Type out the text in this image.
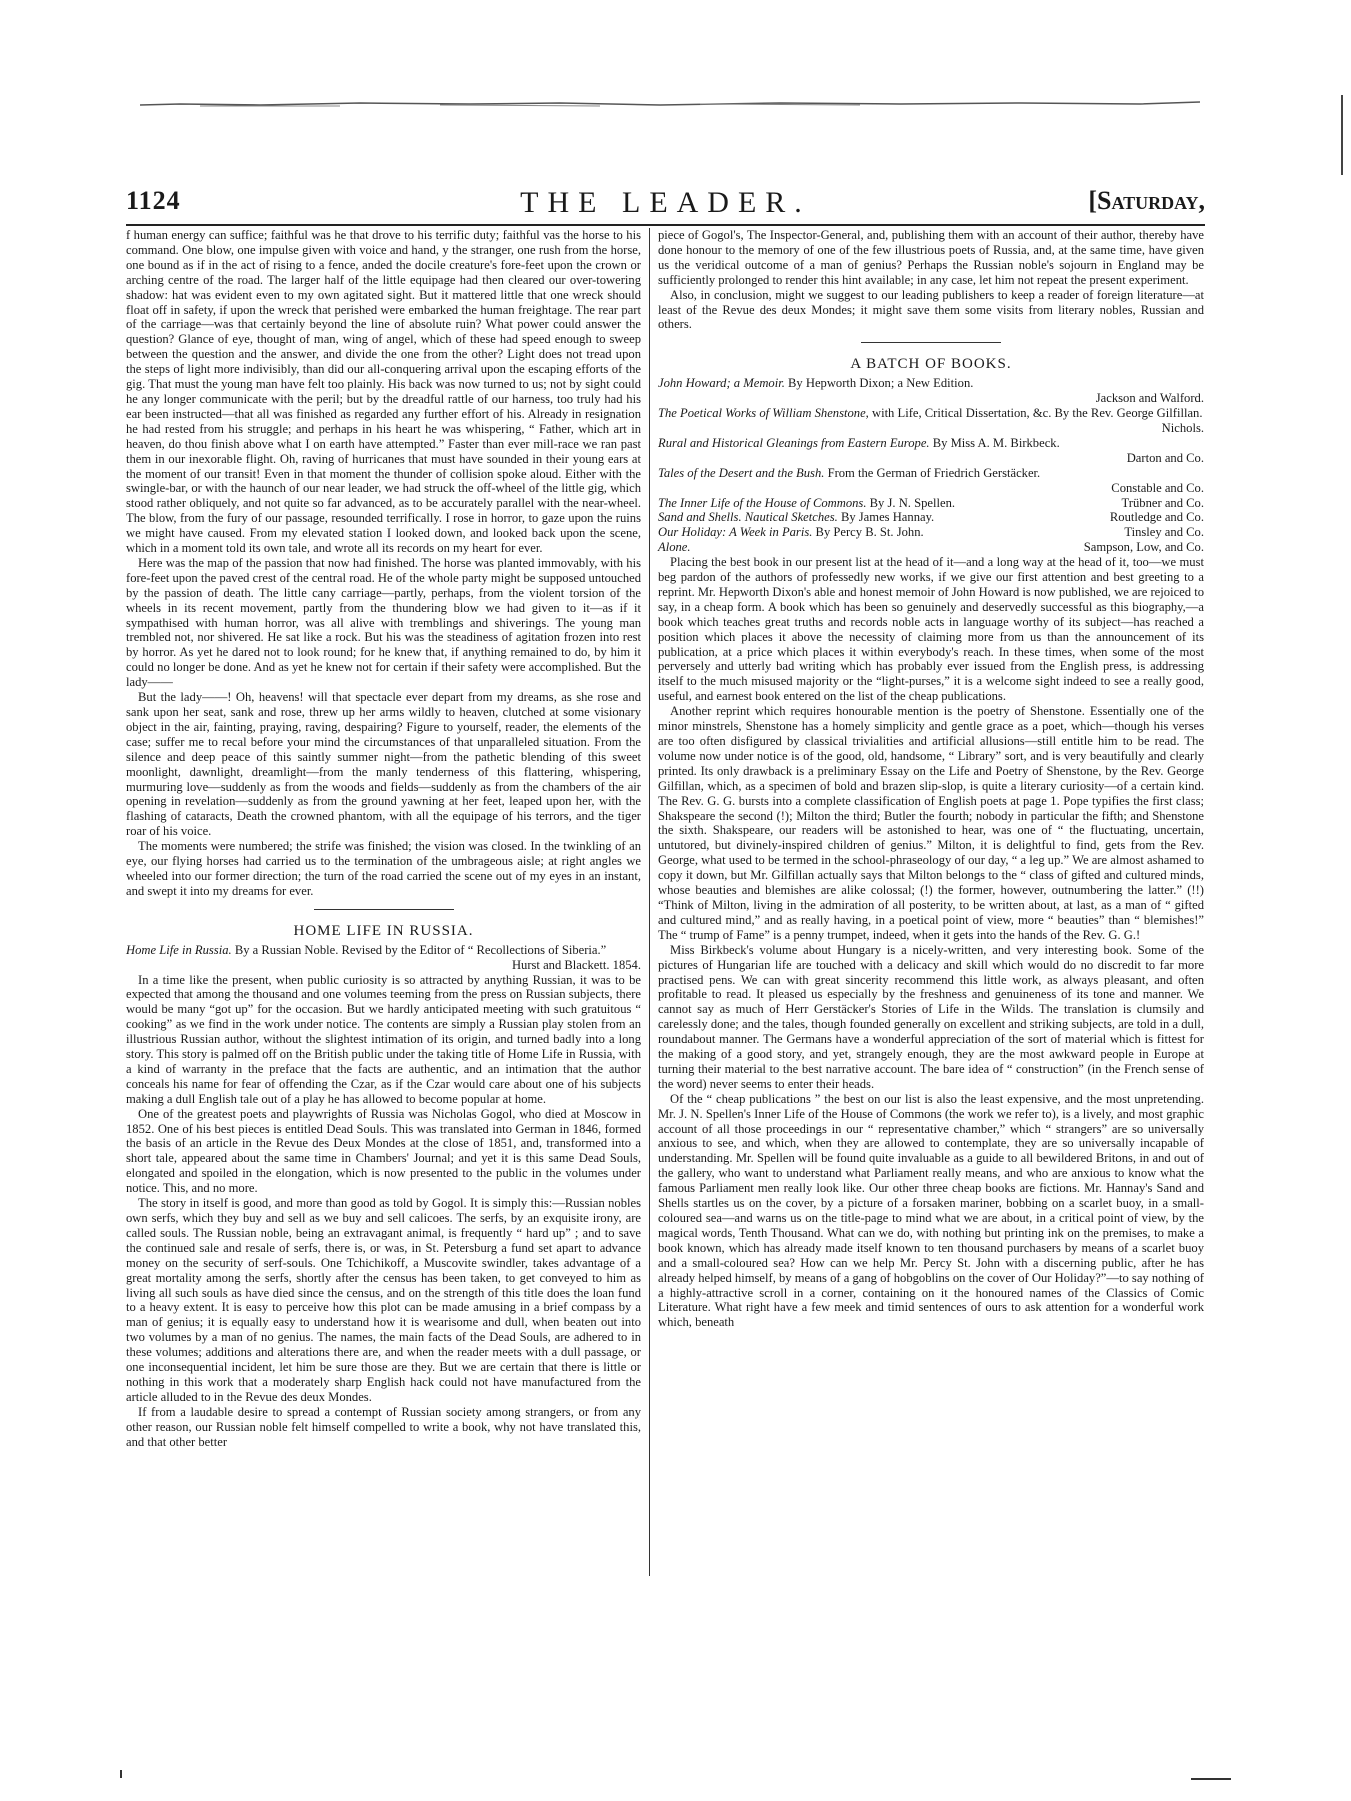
1124	THE LEADER.	[Saturday,

f human energy can suffice; faithful was he that drove to his terrific duty; faithful vas the horse to his command. One blow, one impulse given with voice and hand, y the stranger, one rush from the horse, one bound as if in the act of rising to a fence, anded the docile creature's fore-feet upon the crown or arching centre of the road. The larger half of the little equipage had then cleared our over-towering shadow: hat was evident even to my own agitated sight. But it mattered little that one wreck should float off in safety, if upon the wreck that perished were embarked the human freightage. The rear part of the carriage—was that certainly beyond the line of absolute ruin? What power could answer the question? Glance of eye, thought of man, wing of angel, which of these had speed enough to sweep between the question and the answer, and divide the one from the other? Light does not tread upon the steps of light more indivisibly, than did our all-conquering arrival upon the escaping efforts of the gig. That must the young man have felt too plainly. His back was now turned to us; not by sight could he any longer communicate with the peril; but by the dreadful rattle of our harness, too truly had his ear been instructed—that all was finished as regarded any further effort of his. Already in resignation he had rested from his struggle; and perhaps in his heart he was whispering, “ Father, which art in heaven, do thou finish above what I on earth have attempted.” Faster than ever mill-race we ran past them in our inexorable flight. Oh, raving of hurricanes that must have sounded in their young ears at the moment of our transit! Even in that moment the thunder of collision spoke aloud. Either with the swingle-bar, or with the haunch of our near leader, we had struck the off-wheel of the little gig, which stood rather obliquely, and not quite so far advanced, as to be accurately parallel with the near-wheel. The blow, from the fury of our passage, resounded terrifically. I rose in horror, to gaze upon the ruins we might have caused. From my elevated station I looked down, and looked back upon the scene, which in a moment told its own tale, and wrote all its records on my heart for ever.

Here was the map of the passion that now had finished. The horse was planted immovably, with his fore-feet upon the paved crest of the central road. He of the whole party might be supposed untouched by the passion of death. The little cany carriage—partly, perhaps, from the violent torsion of the wheels in its recent movement, partly from the thundering blow we had given to it—as if it sympathised with human horror, was all alive with tremblings and shiverings. The young man trembled not, nor shivered. He sat like a rock. But his was the steadiness of agitation frozen into rest by horror. As yet he dared not to look round; for he knew that, if anything remained to do, by him it could no longer be done. And as yet he knew not for certain if their safety were accomplished. But the lady——

But the lady——! Oh, heavens! will that spectacle ever depart from my dreams, as she rose and sank upon her seat, sank and rose, threw up her arms wildly to heaven, clutched at some visionary object in the air, fainting, praying, raving, despairing? Figure to yourself, reader, the elements of the case; suffer me to recal before your mind the circumstances of that unparalleled situation. From the silence and deep peace of this saintly summer night—from the pathetic blending of this sweet moonlight, dawnlight, dreamlight—from the manly tenderness of this flattering, whispering, murmuring love—suddenly as from the woods and fields—suddenly as from the chambers of the air opening in revelation—suddenly as from the ground yawning at her feet, leaped upon her, with the flashing of cataracts, Death the crowned phantom, with all the equipage of his terrors, and the tiger roar of his voice.

The moments were numbered; the strife was finished; the vision was closed. In the twinkling of an eye, our flying horses had carried us to the termination of the umbrageous aisle; at right angles we wheeled into our former direction; the turn of the road carried the scene out of my eyes in an instant, and swept it into my dreams for ever.

HOME LIFE IN RUSSIA.

Home Life in Russia. By a Russian Noble. Revised by the Editor of “ Recollections of Siberia.”
Hurst and Blackett. 1854.

In a time like the present, when public curiosity is so attracted by anything Russian, it was to be expected that among the thousand and one volumes teeming from the press on Russian subjects, there would be many “got up” for the occasion. But we hardly anticipated meeting with such gratuitous “ cooking” as we find in the work under notice. The contents are simply a Russian play stolen from an illustrious Russian author, without the slightest intimation of its origin, and turned badly into a long story. This story is palmed off on the British public under the taking title of Home Life in Russia, with a kind of warranty in the preface that the facts are authentic, and an intimation that the author conceals his name for fear of offending the Czar, as if the Czar would care about one of his subjects making a dull English tale out of a play he has allowed to become popular at home.

One of the greatest poets and playwrights of Russia was Nicholas Gogol, who died at Moscow in 1852. One of his best pieces is entitled Dead Souls. This was translated into German in 1846, formed the basis of an article in the Revue des Deux Mondes at the close of 1851, and, transformed into a short tale, appeared about the same time in Chambers' Journal; and yet it is this same Dead Souls, elongated and spoiled in the elongation, which is now presented to the public in the volumes under notice. This, and no more.

The story in itself is good, and more than good as told by Gogol. It is simply this:—Russian nobles own serfs, which they buy and sell as we buy and sell calicoes. The serfs, by an exquisite irony, are called souls. The Russian noble, being an extravagant animal, is frequently “ hard up” ; and to save the continued sale and resale of serfs, there is, or was, in St. Petersburg a fund set apart to advance money on the security of serf-souls. One Tchichikoff, a Muscovite swindler, takes advantage of a great mortality among the serfs, shortly after the census has been taken, to get conveyed to him as living all such souls as have died since the census, and on the strength of this title does the loan fund to a heavy extent. It is easy to perceive how this plot can be made amusing in a brief compass by a man of genius; it is equally easy to understand how it is wearisome and dull, when beaten out into two volumes by a man of no genius. The names, the main facts of the Dead Souls, are adhered to in these volumes; additions and alterations there are, and when the reader meets with a dull passage, or one inconsequential incident, let him be sure those are they. But we are certain that there is little or nothing in this work that a moderately sharp English hack could not have manufactured from the article alluded to in the Revue des deux Mondes.

If from a laudable desire to spread a contempt of Russian society among strangers, or from any other reason, our Russian noble felt himself compelled to write a book, why not have translated this, and that other better

piece of Gogol's, The Inspector-General, and, publishing them with an account of their author, thereby have done honour to the memory of one of the few illustrious poets of Russia, and, at the same time, have given us the veridical outcome of a man of genius? Perhaps the Russian noble's sojourn in England may be sufficiently prolonged to render this hint available; in any case, let him not repeat the present experiment.

Also, in conclusion, might we suggest to our leading publishers to keep a reader of foreign literature—at least of the Revue des deux Mondes; it might save them some visits from literary nobles, Russian and others.

A BATCH OF BOOKS.

John Howard; a Memoir. By Hepworth Dixon; a New Edition.
Jackson and Walford.

The Poetical Works of William Shenstone, with Life, Critical Dissertation, &c. By the Rev. George Gilfillan.
Nichols.

Rural and Historical Gleanings from Eastern Europe. By Miss A. M. Birkbeck.
Darton and Co.

Tales of the Desert and the Bush. From the German of Friedrich Gerstäcker.
Constable and Co.

Trübner and Co.
The Inner Life of the House of Commons. By J. N. Spellen.

Routledge and Co.
Sand and Shells. Nautical Sketches. By James Hannay.

Tinsley and Co.
Our Holiday: A Week in Paris. By Percy B. St. John.

Sampson, Low, and Co.
Alone.

Placing the best book in our present list at the head of it—and a long way at the head of it, too—we must beg pardon of the authors of professedly new works, if we give our first attention and best greeting to a reprint. Mr. Hepworth Dixon's able and honest memoir of John Howard is now published, we are rejoiced to say, in a cheap form. A book which has been so genuinely and deservedly successful as this biography,—a book which teaches great truths and records noble acts in language worthy of its subject—has reached a position which places it above the necessity of claiming more from us than the announcement of its publication, at a price which places it within everybody's reach. In these times, when some of the most perversely and utterly bad writing which has probably ever issued from the English press, is addressing itself to the much misused majority or the “light-purses,” it is a welcome sight indeed to see a really good, useful, and earnest book entered on the list of the cheap publications.

Another reprint which requires honourable mention is the poetry of Shenstone. Essentially one of the minor minstrels, Shenstone has a homely simplicity and gentle grace as a poet, which—though his verses are too often disfigured by classical trivialities and artificial allusions—still entitle him to be read. The volume now under notice is of the good, old, handsome, “ Library” sort, and is very beautifully and clearly printed. Its only drawback is a preliminary Essay on the Life and Poetry of Shenstone, by the Rev. George Gilfillan, which, as a specimen of bold and brazen slip-slop, is quite a literary curiosity—of a certain kind. The Rev. G. G. bursts into a complete classification of English poets at page 1. Pope typifies the first class; Shakspeare the second (!); Milton the third; Butler the fourth; nobody in particular the fifth; and Shenstone the sixth. Shakspeare, our readers will be astonished to hear, was one of “ the fluctuating, uncertain, untutored, but divinely-inspired children of genius.” Milton, it is delightful to find, gets from the Rev. George, what used to be termed in the school-phraseology of our day, “ a leg up.” We are almost ashamed to copy it down, but Mr. Gilfillan actually says that Milton belongs to the “ class of gifted and cultured minds, whose beauties and blemishes are alike colossal; (!) the former, however, outnumbering the latter.” (!!) “Think of Milton, living in the admiration of all posterity, to be written about, at last, as a man of “ gifted and cultured mind,” and as really having, in a poetical point of view, more “ beauties” than “ blemishes!” The “ trump of Fame” is a penny trumpet, indeed, when it gets into the hands of the Rev. G. G.!

Miss Birkbeck's volume about Hungary is a nicely-written, and very interesting book. Some of the pictures of Hungarian life are touched with a delicacy and skill which would do no discredit to far more practised pens. We can with great sincerity recommend this little work, as always pleasant, and often profitable to read. It pleased us especially by the freshness and genuineness of its tone and manner. We cannot say as much of Herr Gerstäcker's Stories of Life in the Wilds. The translation is clumsily and carelessly done; and the tales, though founded generally on excellent and striking subjects, are told in a dull, roundabout manner. The Germans have a wonderful appreciation of the sort of material which is fittest for the making of a good story, and yet, strangely enough, they are the most awkward people in Europe at turning their material to the best narrative account. The bare idea of “ construction” (in the French sense of the word) never seems to enter their heads.

Of the “ cheap publications ” the best on our list is also the least expensive, and the most unpretending. Mr. J. N. Spellen's Inner Life of the House of Commons (the work we refer to), is a lively, and most graphic account of all those proceedings in our “ representative chamber,” which “ strangers” are so universally anxious to see, and which, when they are allowed to contemplate, they are so universally incapable of understanding. Mr. Spellen will be found quite invaluable as a guide to all bewildered Britons, in and out of the gallery, who want to understand what Parliament really means, and who are anxious to know what the famous Parliament men really look like. Our other three cheap books are fictions. Mr. Hannay's Sand and Shells startles us on the cover, by a picture of a forsaken mariner, bobbing on a scarlet buoy, in a small-coloured sea—and warns us on the title-page to mind what we are about, in a critical point of view, by the magical words, Tenth Thousand. What can we do, with nothing but printing ink on the premises, to make a book known, which has already made itself known to ten thousand purchasers by means of a scarlet buoy and a small-coloured sea? How can we help Mr. Percy St. John with a discerning public, after he has already helped himself, by means of a gang of hobgoblins on the cover of Our Holiday?”—to say nothing of a highly-attractive scroll in a corner, containing on it the honoured names of the Classics of Comic Literature. What right have a few meek and timid sentences of ours to ask attention for a wonderful work which, beneath
